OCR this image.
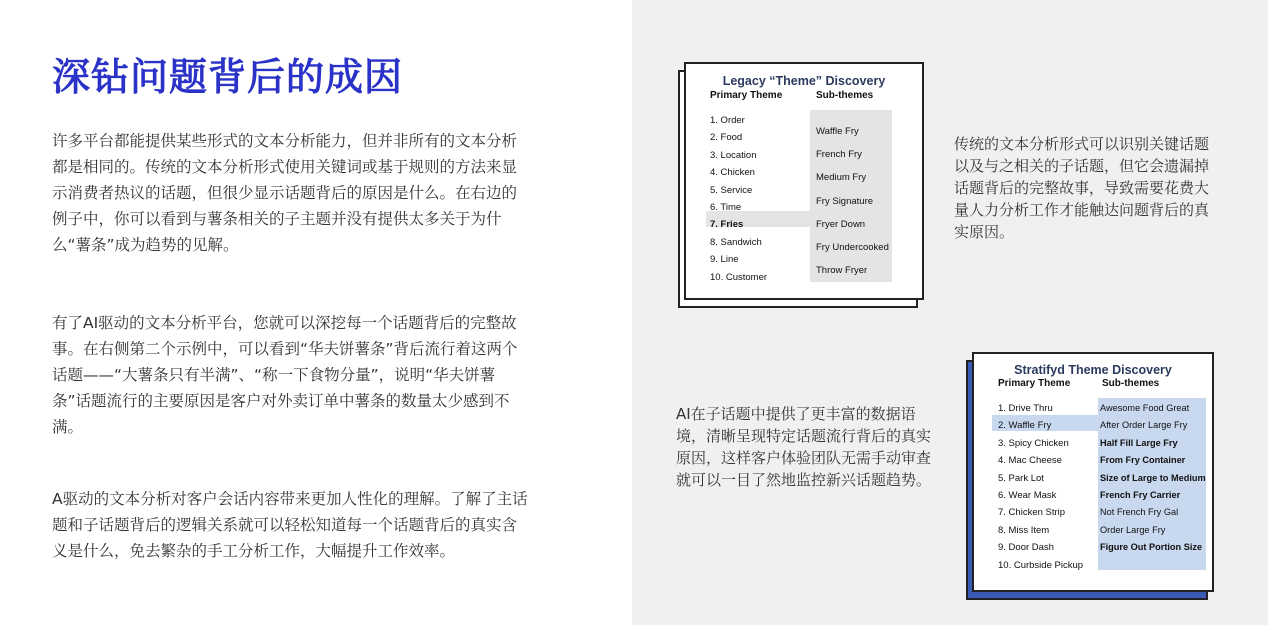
深钻问题背后的成因
许多平台都能提供某些形式的文本分析能力，但并非所有的文本分析都是相同的。传统的文本分析形式使用关键词或基于规则的方法来显示消费者热议的话题，但很少显示话题背后的原因是什么。在右边的例子中，你可以看到与薯条相关的子主题并没有提供太多关于为什么“薯条”成为趋势的见解。
有了AI驱动的文本分析平台，您就可以深挖每一个话题背后的完整故事。在右侧第二个示例中，可以看到“华夫饼薯条”背后流行着这两个话题——“大薯条只有半满”、“称一下食物分量”，说明“华夫饼薯条”话题流行的主要原因是客户对外卖订单中薯条的数量太少感到不满。
A驱动的文本分析对客户会话内容带来更加人性化的理解。了解了主话题和子话题背后的逻辑关系就可以轻松知道每一个话题背后的真实含义是什么，免去繁杂的手工分析工作，大幅提升工作效率。
Legacy “Theme” Discovery
Primary Theme	Sub-themes
1. Order
2. Food
3. Location
4. Chicken
5. Service
6. Time
7. Fries
8. Sandwich
9. Line
10. Customer
Waffle Fry
French Fry
Medium Fry
Fry Signature
Fryer Down
Fry Undercooked
Throw Fryer
传统的文本分析形式可以识别关键话题以及与之相关的子话题，但它会遗漏掉话题背后的完整故事，导致需要花费大量人力分析工作才能触达问题背后的真实原因。
Stratifyd Theme Discovery
Primary Theme	Sub-themes
1. Drive Thru
2. Waffle Fry
3. Spicy Chicken
4. Mac Cheese
5. Park Lot
6. Wear Mask
7. Chicken Strip
8. Miss Item
9. Door Dash
10. Curbside Pickup
Awesome Food Great
After Order Large Fry
Half Fill Large Fry
From Fry Container
Size of Large to Medium
French Fry Carrier
Not French Fry Gal
Order Large Fry
Figure Out Portion Size
AI在子话题中提供了更丰富的数据语境，清晰呈现特定话题流行背后的真实原因，这样客户体验团队无需手动审查就可以一目了然地监控新兴话题趋势。
